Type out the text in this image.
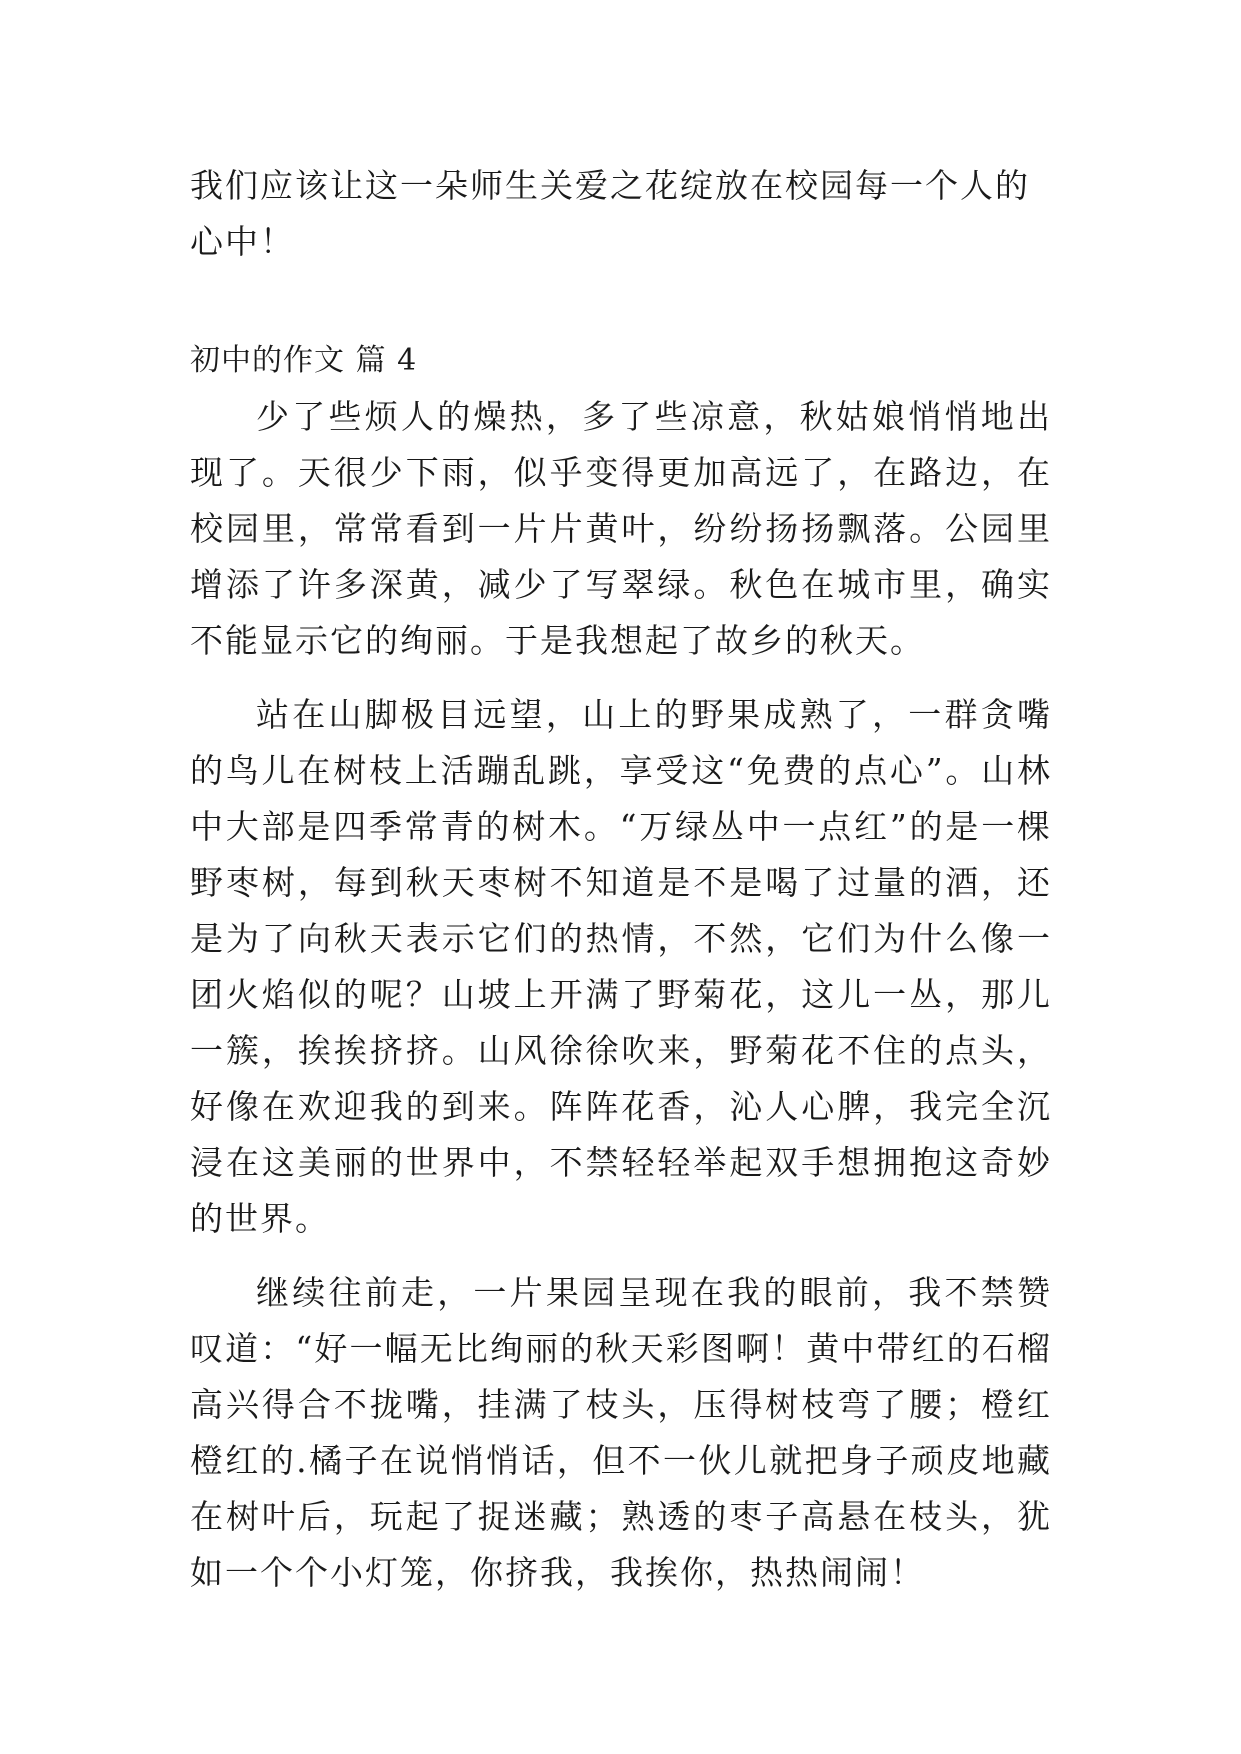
我们应该让这一朵师生关爱之花绽放在校园每一个人的心中！
初中的作文 篇 4

少了些烦人的燥热，多了些凉意，秋姑娘悄悄地出现了。天很少下雨，似乎变得更加高远了，在路边，在校园里，常常看到一片片黄叶，纷纷扬扬飘落。公园里增添了许多深黄，减少了写翠绿。秋色在城市里，确实不能显示它的绚丽。于是我想起了故乡的秋天。

站在山脚极目远望，山上的野果成熟了，一群贪嘴的鸟儿在树枝上活蹦乱跳，享受这“免费的点心”。山林中大部是四季常青的树木。“万绿丛中一点红”的是一棵野枣树，每到秋天枣树不知道是不是喝了过量的酒，还是为了向秋天表示它们的热情，不然，它们为什么像一团火焰似的呢？山坡上开满了野菊花，这儿一丛，那儿一簇，挨挨挤挤。山风徐徐吹来，野菊花不住的点头，好像在欢迎我的到来。阵阵花香，沁人心脾，我完全沉浸在这美丽的世界中，不禁轻轻举起双手想拥抱这奇妙的世界。

继续往前走，一片果园呈现在我的眼前，我不禁赞叹道：“好一幅无比绚丽的秋天彩图啊！黄中带红的石榴高兴得合不拢嘴，挂满了枝头，压得树枝弯了腰；橙红橙红的.橘子在说悄悄话，但不一伙儿就把身子顽皮地藏在树叶后，玩起了捉迷藏；熟透的枣子高悬在枝头，犹如一个个小灯笼，你挤我，我挨你，热热闹闹！
